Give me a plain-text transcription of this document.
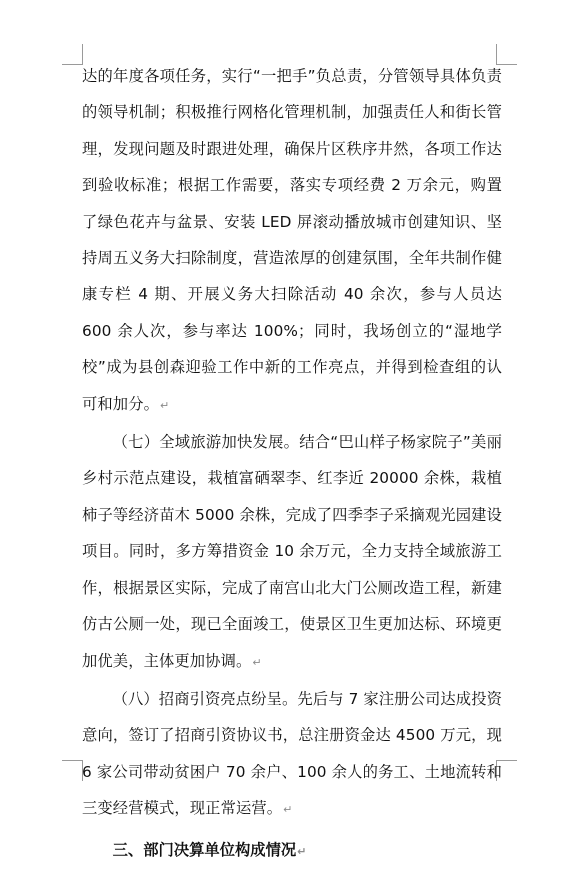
达的年度各项任务，实行“一把手”负总责，分管领导具体负责的领导机制；积极推行网格化管理机制，加强责任人和街长管理，发现问题及时跟进处理，确保片区秩序井然，各项工作达到验收标准；根据工作需要，落实专项经费 2 万余元，购置了绿色花卉与盆景、安装 LED 屏滚动播放城市创建知识、坚持周五义务大扫除制度，营造浓厚的创建氛围，全年共制作健康专栏 4 期、开展义务大扫除活动 40 余次，参与人员达 600 余人次，参与率达 100%；同时，我场创立的“湿地学校”成为县创森迎验工作中新的工作亮点，并得到检查组的认可和加分。↵

（七）全域旅游加快发展。结合“巴山样子杨家院子”美丽乡村示范点建设，栽植富硒翠李、红李近 20000 余株，栽植柿子等经济苗木 5000 余株，完成了四季李子采摘观光园建设项目。同时，多方筹措资金 10 余万元，全力支持全域旅游工作，根据景区实际，完成了南宫山北大门公厕改造工程，新建仿古公厕一处，现已全面竣工，使景区卫生更加达标、环境更加优美，主体更加协调。↵

（八）招商引资亮点纷呈。先后与 7 家注册公司达成投资意向，签订了招商引资协议书，总注册资金达 4500 万元，现 6 家公司带动贫困户 70 余户、100 余人的务工、土地流转和三变经营模式，现正常运营。↵

三、部门决算单位构成情况↵
